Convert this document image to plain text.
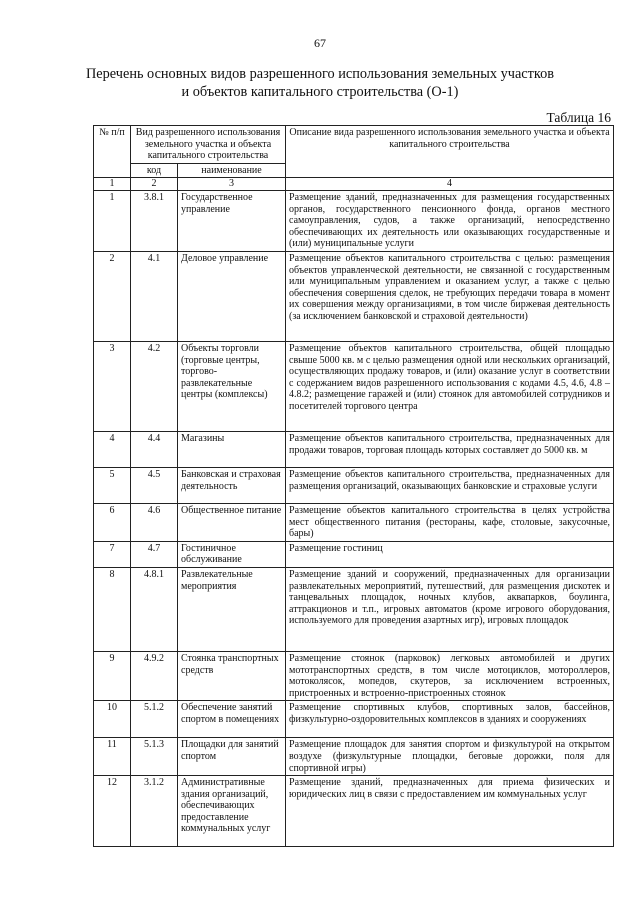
67
Перечень основных видов разрешенного использования земельных участков
и объектов капитального строительства (О-1)
Таблица 16
№ п/п	Вид разрешенного использования земельного участка и объекта капитального строительства		Описание вида разрешенного использования земельного участка и объекта капитального строительства
	код	наименование	
1	2	3	4
1	3.8.1	Государственное управление	Размещение зданий, предназначенных для размещения государственных органов, государственного пенсионного фонда, органов местного самоуправления, судов, а также организаций, непосредственно обеспечивающих их деятельность или оказывающих государственные и (или) муниципальные услуги
2	4.1	Деловое управление	Размещение объектов капитального строительства с целью: размещения объектов управленческой деятельности, не связанной с государственным или муниципальным управлением и оказанием услуг, а также с целью обеспечения совершения сделок, не требующих передачи товара в момент их совершения между организациями, в том числе биржевая деятельность (за исключением банковской и страховой деятельности)
3	4.2	Объекты торговли (торговые центры, торгово-развлекательные центры (комплексы)	Размещение объектов капитального строительства, общей площадью свыше 5000 кв. м с целью размещения одной или нескольких организаций, осуществляющих продажу товаров, и (или) оказание услуг в соответствии с содержанием видов разрешенного использования с кодами 4.5, 4.6, 4.8 – 4.8.2; размещение гаражей и (или) стоянок для автомобилей сотрудников и посетителей торгового центра
4	4.4	Магазины	Размещение объектов капитального строительства, предназначенных для продажи товаров, торговая площадь которых составляет до 5000 кв. м
5	4.5	Банковская и страховая деятельность	Размещение объектов капитального строительства, предназначенных для размещения организаций, оказывающих банковские и страховые услуги
6	4.6	Общественное питание	Размещение объектов капитального строительства в целях устройства мест общественного питания (рестораны, кафе, столовые, закусочные, бары)
7	4.7	Гостиничное обслуживание	Размещение гостиниц
8	4.8.1	Развлекательные мероприятия	Размещение зданий и сооружений, предназначенных для организации развлекательных мероприятий, путешествий, для размещения дискотек и танцевальных площадок, ночных клубов, аквапарков, боулинга, аттракционов и т.п., игровых автоматов (кроме игрового оборудования, используемого для проведения азартных игр), игровых площадок
9	4.9.2	Стоянка транспортных средств	Размещение стоянок (парковок) легковых автомобилей и других мототранспортных средств, в том числе мотоциклов, мотороллеров, мотоколясок, мопедов, скутеров, за исключением встроенных, пристроенных и встроенно-пристроенных стоянок
10	5.1.2	Обеспечение занятий спортом в помещениях	Размещение спортивных клубов, спортивных залов, бассейнов, физкультурно-оздоровительных комплексов в зданиях и сооружениях
11	5.1.3	Площадки для занятий спортом	Размещение площадок для занятия спортом и физкультурой на открытом воздухе (физкультурные площадки, беговые дорожки, поля для спортивной игры)
12	3.1.2	Административные здания организаций, обеспечивающих предоставление коммунальных услуг	Размещение зданий, предназначенных для приема физических и юридических лиц в связи с предоставлением им коммунальных услуг
